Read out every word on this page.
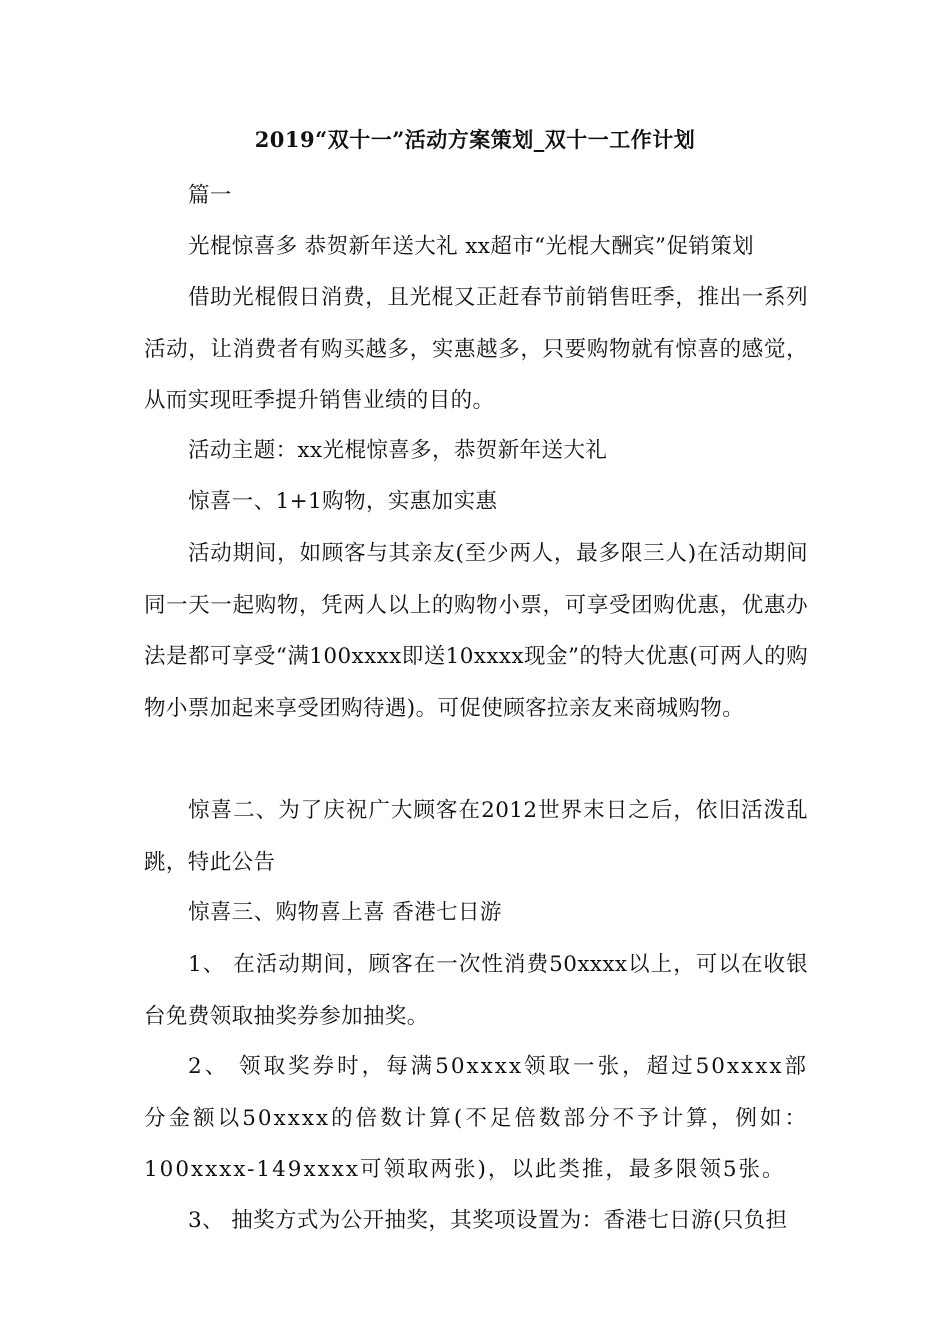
2019“双十一”活动方案策划_双十一工作计划

篇一

光棍惊喜多 恭贺新年送大礼 xx超市“光棍大酬宾”促销策划

借助光棍假日消费，且光棍又正赶春节前销售旺季，推出一系列活动，让消费者有购买越多，实惠越多，只要购物就有惊喜的感觉，从而实现旺季提升销售业绩的目的。

活动主题：xx光棍惊喜多，恭贺新年送大礼

惊喜一、1+1购物，实惠加实惠

活动期间，如顾客与其亲友(至少两人，最多限三人)在活动期间同一天一起购物，凭两人以上的购物小票，可享受团购优惠，优惠办法是都可享受“满100xxxx即送10xxxx现金”的特大优惠(可两人的购物小票加起来享受团购待遇)。可促使顾客拉亲友来商城购物。

惊喜二、为了庆祝广大顾客在2012世界末日之后，依旧活泼乱跳，特此公告

惊喜三、购物喜上喜 香港七日游

1、 在活动期间，顾客在一次性消费50xxxx以上，可以在收银台免费领取抽奖券参加抽奖。

2、 领取奖券时，每满50xxxx领取一张，超过50xxxx部分金额以50xxxx的倍数计算(不足倍数部分不予计算，例如：100xxxx-149xxxx可领取两张)，以此类推，最多限领5张。

3、 抽奖方式为公开抽奖，其奖项设置为：香港七日游(只负担
